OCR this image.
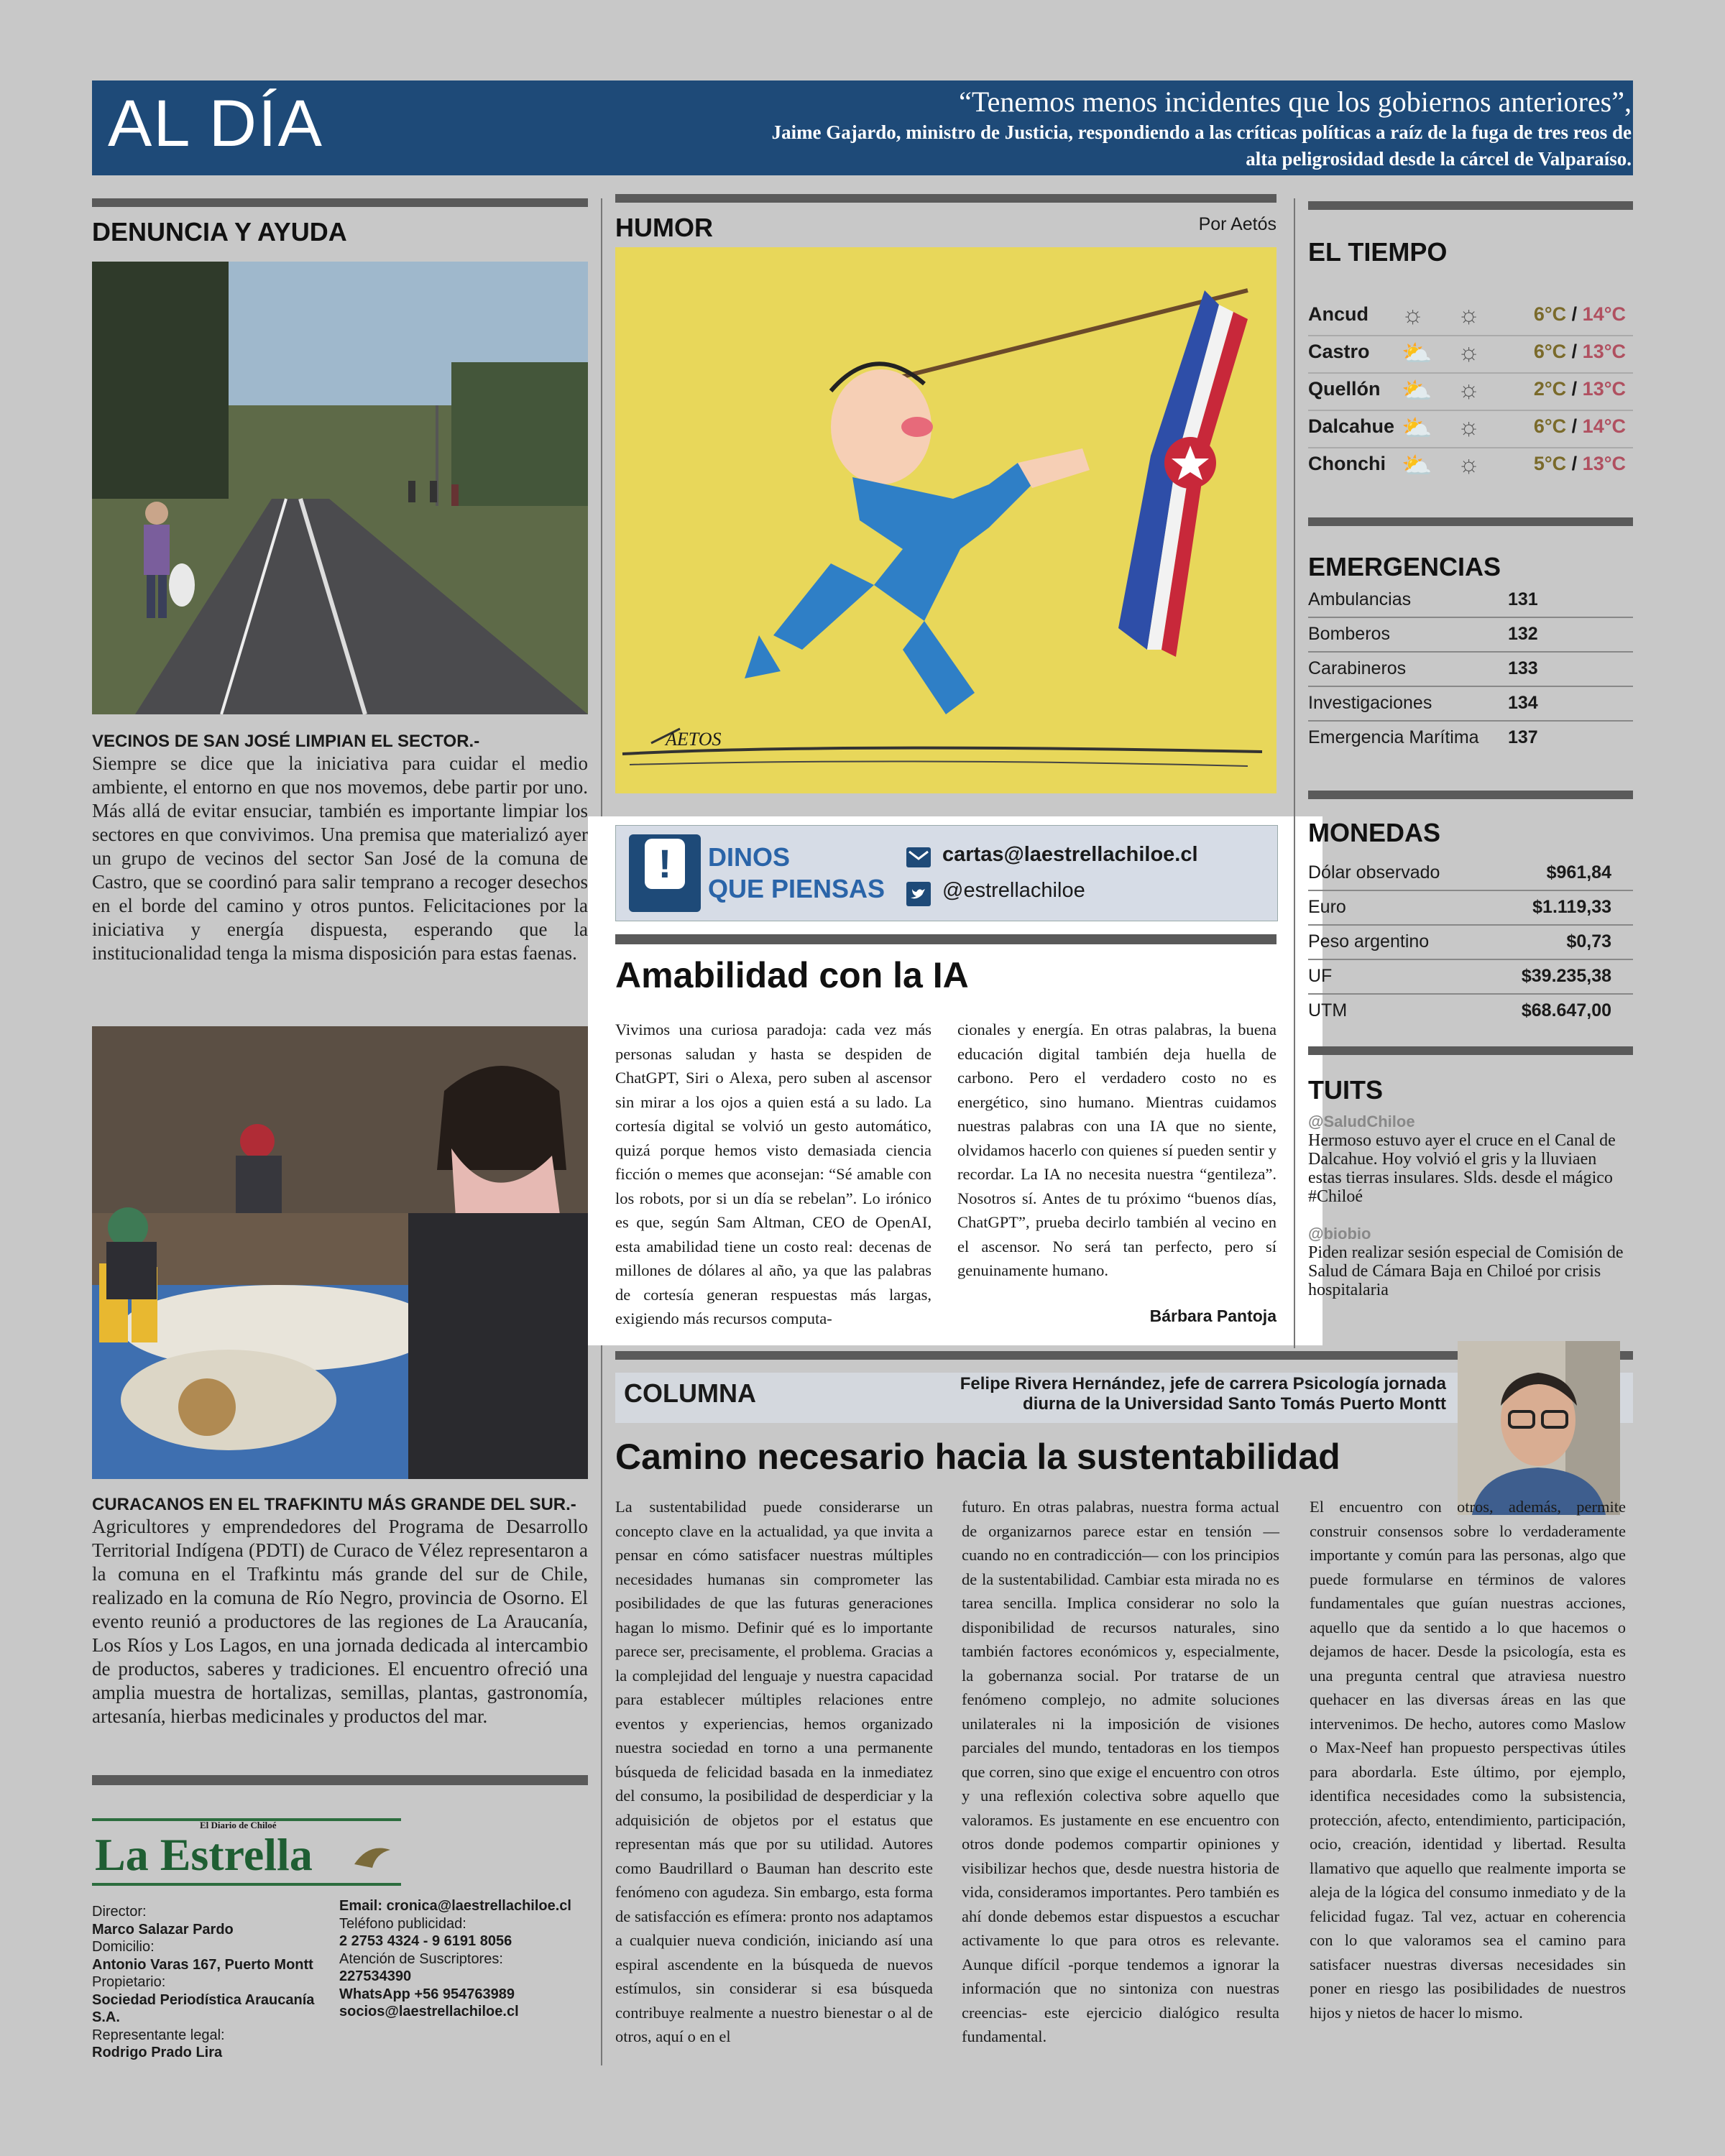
AL DÍA	“Tenemos menos incidentes que los gobiernos anteriores”,
Jaime Gajardo, ministro de Justicia, respondiendo a las críticas políticas a raíz de la fuga de tres reos de alta peligrosidad desde la cárcel de Valparaíso.
DENUNCIA Y AYUDA
VECINOS DE SAN JOSÉ LIMPIAN EL SECTOR.-
Siempre se dice que la iniciativa para cuidar el medio ambiente, el entorno en que nos movemos, debe partir por uno. Más allá de evitar ensuciar, también es importante limpiar los sectores en que convivimos. Una premisa que materializó ayer un grupo de vecinos del sector San José de la comuna de Castro, que se coordinó para salir temprano a recoger desechos en el borde del camino y otros puntos. Felicitaciones por la iniciativa y energía dispuesta, esperando que la institucionalidad tenga la misma disposición para estas faenas.
CURACANOS EN EL TRAFKINTU MÁS GRANDE DEL SUR.-
Agricultores y emprendedores del Programa de Desarrollo Territorial Indígena (PDTI) de Curaco de Vélez representaron a la comuna en el Trafkintu más grande del sur de Chile, realizado en la comuna de Río Negro, provincia de Osorno. El evento reunió a productores de las regiones de La Araucanía, Los Ríos y Los Lagos, en una jornada dedicada al intercambio de productos, saberes y tradiciones. El encuentro ofreció una amplia muestra de hortalizas, semillas, plantas, gastronomía, artesanía, hierbas medicinales y productos del mar.
El Diario de Chiloé
La Estrella
Director:
Marco Salazar Pardo
Domicilio:
Antonio Varas 167, Puerto Montt
Propietario:
Sociedad Periodística Araucanía S.A.
Representante legal:
Rodrigo Prado Lira
Email: cronica@laestrellachiloe.cl
Teléfono publicidad:
2 2753 4324 - 9 6191 8056
Atención de Suscriptores:
227534390
WhatsApp +56 954763989
socios@laestrellachiloe.cl
HUMOR	Por Aetós
AETOS
!	DINOS
QUE PIENSAS
cartas@laestrellachiloe.cl
@estrellachiloe
Amabilidad con la IA
Vivimos una curiosa paradoja: cada vez más personas saludan y hasta se despiden de ChatGPT, Siri o Alexa, pero suben al ascensor sin mirar a los ojos a quien está a su lado. La cortesía digital se volvió un gesto automático, quizá porque hemos visto demasiada ciencia ficción o memes que aconsejan: “Sé amable con los robots, por si un día se rebelan”. Lo irónico es que, según Sam Altman, CEO de OpenAI, esta amabilidad tiene un costo real: decenas de millones de dólares al año, ya que las palabras de cortesía generan respuestas más largas, exigiendo más recursos computa-
cionales y energía. En otras palabras, la buena educación digital también deja huella de carbono. Pero el verdadero costo no es energético, sino humano. Mientras cuidamos nuestras palabras con una IA que no siente, olvidamos hacerlo con quienes sí pueden sentir y recordar. La IA no necesita nuestra “gentileza”. Nosotros sí. Antes de tu próximo “buenos días, ChatGPT”, prueba decirlo también al vecino en el ascensor. No será tan perfecto, pero sí genuinamente humano.
Bárbara Pantoja
EL TIEMPO
Ancud ☼ ☼	6°C / 14°C
Castro ⛅ ☼	6°C / 13°C
Quellón ⛅ ☼	2°C / 13°C
Dalcahue ⛅ ☼	6°C / 14°C
Chonchi ⛅ ☼	5°C / 13°C
EMERGENCIAS
Ambulancias	131
Bomberos	132
Carabineros	133
Investigaciones	134
Emergencia Marítima 137
MONEDAS
Dólar observado	$961,84
Euro	$1.119,33
Peso argentino	$0,73
UF	$39.235,38
UTM	$68.647,00
TUITS
@SaludChiloe
Hermoso estuvo ayer el cruce en el Canal de Dalcahue. Hoy volvió el gris y la lluviaen estas tierras insulares. Slds. desde el mágico #Chiloé
@biobio
Piden realizar sesión especial de Comisión de Salud de Cámara Baja en Chiloé por crisis hospitalaria
COLUMNA	Felipe Rivera Hernández, jefe de carrera Psicología jornada
diurna de la Universidad Santo Tomás Puerto Montt
Camino necesario hacia la sustentabilidad
La sustentabilidad puede considerarse un concepto clave en la actualidad, ya que invita a pensar en cómo satisfacer nuestras múltiples necesidades humanas sin comprometer las posibilidades de que las futuras generaciones hagan lo mismo. Definir qué es lo importante parece ser, precisamente, el problema. Gracias a la complejidad del lenguaje y nuestra capacidad para establecer múltiples relaciones entre eventos y experiencias, hemos organizado nuestra sociedad en torno a una permanente búsqueda de felicidad basada en la inmediatez del consumo, la posibilidad de desperdiciar y la adquisición de objetos por el estatus que representan más que por su utilidad. Autores como Baudrillard o Bauman han descrito este fenómeno con agudeza. Sin embargo, esta forma de satisfacción es efímera: pronto nos adaptamos a cualquier nueva condición, iniciando así una espiral ascendente en la búsqueda de nuevos estímulos, sin considerar si esa búsqueda contribuye realmente a nuestro bienestar o al de otros, aquí o en el
futuro. En otras palabras, nuestra forma actual de organizarnos parece estar en tensión —cuando no en contradicción— con los principios de la sustentabilidad. Cambiar esta mirada no es tarea sencilla. Implica considerar no solo la disponibilidad de recursos naturales, sino también factores económicos y, especialmente, la gobernanza social. Por tratarse de un fenómeno complejo, no admite soluciones unilaterales ni la imposición de visiones parciales del mundo, tentadoras en los tiempos que corren, sino que exige el encuentro con otros y una reflexión colectiva sobre aquello que valoramos. Es justamente en ese encuentro con otros donde podemos compartir opiniones y visibilizar hechos que, desde nuestra historia de vida, consideramos importantes. Pero también es ahí donde debemos estar dispuestos a escuchar activamente lo que para otros es relevante. Aunque difícil -porque tendemos a ignorar la información que no sintoniza con nuestras creencias- este ejercicio dialógico resulta fundamental.
El encuentro con otros, además, permite construir consensos sobre lo verdaderamente importante y común para las personas, algo que puede formularse en términos de valores fundamentales que guían nuestras acciones, aquello que da sentido a lo que hacemos o dejamos de hacer. Desde la psicología, esta es una pregunta central que atraviesa nuestro quehacer en las diversas áreas en las que intervenimos. De hecho, autores como Maslow o Max-Neef han propuesto perspectivas útiles para abordarla. Este último, por ejemplo, identifica necesidades como la subsistencia, protección, afecto, entendimiento, participación, ocio, creación, identidad y libertad. Resulta llamativo que aquello que realmente importa se aleja de la lógica del consumo inmediato y de la felicidad fugaz. Tal vez, actuar en coherencia con lo que valoramos sea el camino para satisfacer nuestras diversas necesidades sin poner en riesgo las posibilidades de nuestros hijos y nietos de hacer lo mismo.
